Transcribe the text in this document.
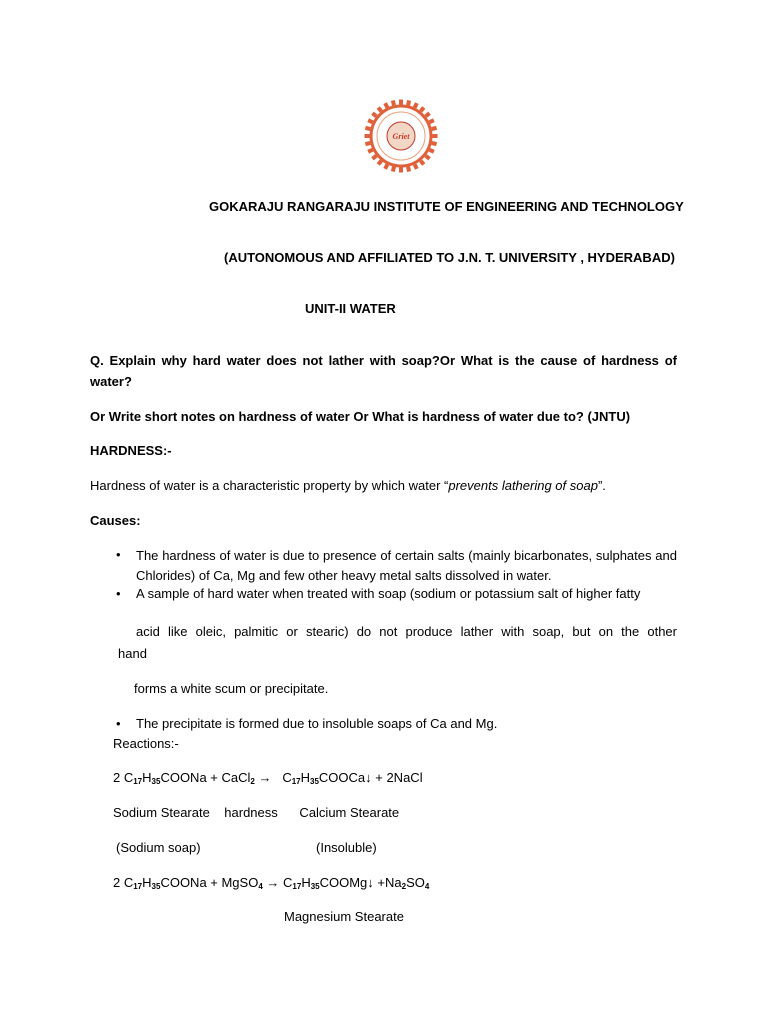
Griet
GOKARAJU RANGARAJU INSTITUTE OF ENGINEERING AND TECHNOLOGY
(AUTONOMOUS AND AFFILIATED TO J.N. T. UNIVERSITY , HYDERABAD)
UNIT-II WATER
Q. Explain why hard water does not lather with soap?Or What is the cause of hardness of water?
Or Write short notes on hardness of water Or What is hardness of water due to? (JNTU)
HARDNESS:-
Hardness of water is a characteristic property by which water “prevents lathering of soap”.
Causes:
• The hardness of water is due to presence of certain salts (mainly bicarbonates, sulphates and Chlorides) of Ca, Mg and few other heavy metal salts dissolved in water.
• A sample of hard water when treated with soap (sodium or potassium salt of higher fatty
acid like oleic, palmitic or stearic) do not produce lather with soap, but on the other
hand
forms a white scum or precipitate.
• The precipitate is formed due to insoluble soaps of Ca and Mg.
Reactions:-
2 $C_{17}H_{35}COONa$ + CaCl$_2$ →   $C_{17}H_{35}COOCa↓$ + 2NaCl
Sodium Stearate    hardness      Calcium Stearate
(Sodium soap)	(Insoluble)
2 $C_{17}H_{35}COONa$ + MgSO$_4$ → $C_{17}H_{35}COOMg↓ +Na_2SO_4$
Magnesium Stearate
